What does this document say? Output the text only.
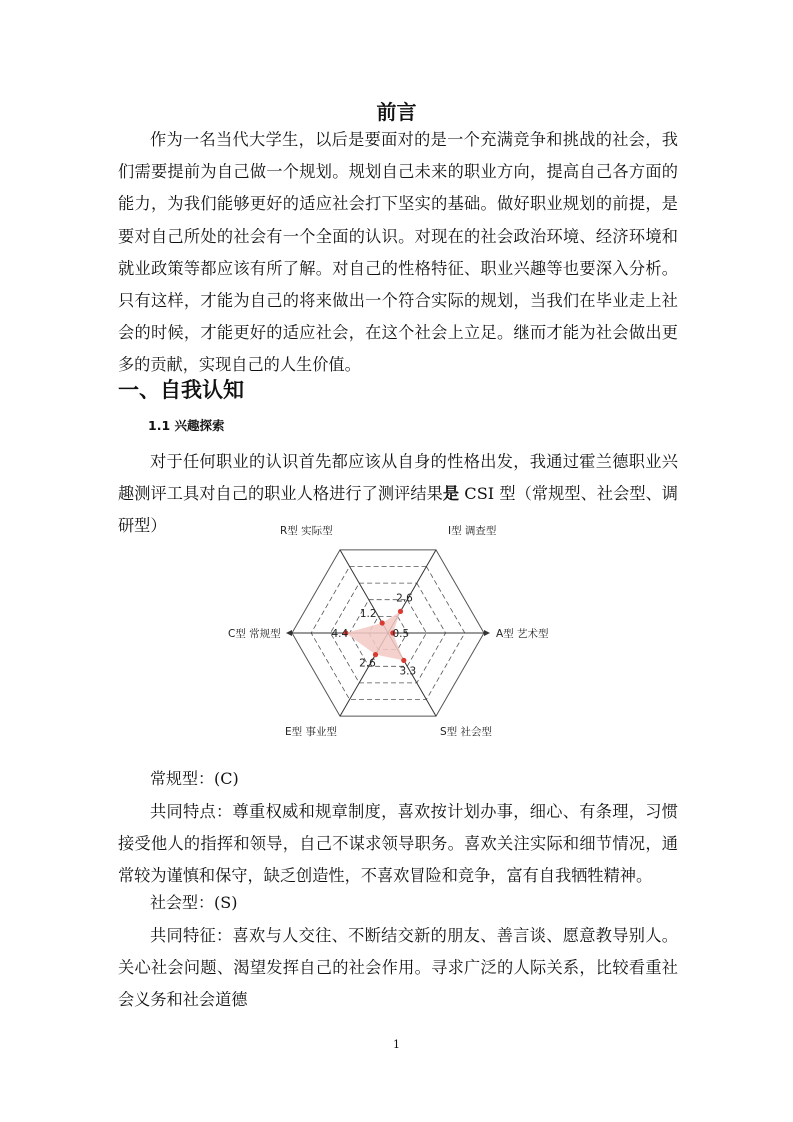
前言

作为一名当代大学生，以后是要面对的是一个充满竞争和挑战的社会，我们需要提前为自己做一个规划。规划自己未来的职业方向，提高自己各方面的能力，为我们能够更好的适应社会打下坚实的基础。做好职业规划的前提，是要对自己所处的社会有一个全面的认识。对现在的社会政治环境、经济环境和就业政策等都应该有所了解。对自己的性格特征、职业兴趣等也要深入分析。只有这样，才能为自己的将来做出一个符合实际的规划，当我们在毕业走上社会的时候，才能更好的适应社会，在这个社会上立足。继而才能为社会做出更多的贡献，实现自己的人生价值。

一、自我认知
1.1 兴趣探索

对于任何职业的认识首先都应该从自身的性格出发，我通过霍兰德职业兴趣测评工具对自己的职业人格进行了测评结果是 CSI 型（常规型、社会型、调研型）

2.6
0.5
3.3
2.6
4.4
1.2
I型 调查型
A型 艺术型
S型 社会型
E型 事业型
C型 常规型
R型 实际型

常规型：(C)

共同特点：尊重权威和规章制度，喜欢按计划办事，细心、有条理，习惯接受他人的指挥和领导，自己不谋求领导职务。喜欢关注实际和细节情况，通常较为谨慎和保守，缺乏创造性，不喜欢冒险和竞争，富有自我牺牲精神。

社会型：(S)

共同特征：喜欢与人交往、不断结交新的朋友、善言谈、愿意教导别人。关心社会问题、渴望发挥自己的社会作用。寻求广泛的人际关系，比较看重社会义务和社会道德

1
